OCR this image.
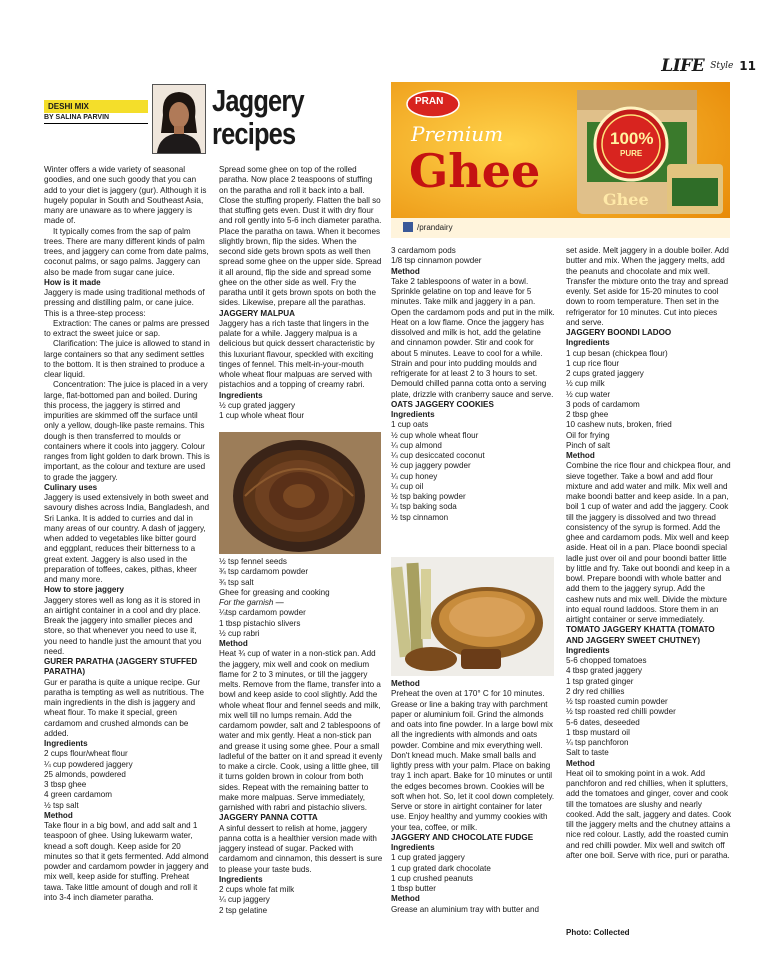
LIFE Style 11
DESHI MIX
BY SALINA PARVIN	Jaggery
recipes
PRAN
Premium
Ghee
100%
PURE
Ghee
/prandairy
Winter offers a wide variety of seasonal goodies, and one such goody that you can add to your diet is jaggery (gur). Although it is hugely popular in South and Southeast Asia, many are unaware as to where jaggery is made of.
It typically comes from the sap of palm trees. There are many different kinds of palm trees, and jaggery can come from date palms, coconut palms, or sago palms. Jaggery can also be made from sugar cane juice.
How is it made
Jaggery is made using traditional methods of pressing and distilling palm, or cane juice. This is a three-step process:
Extraction: The canes or palms are pressed to extract the sweet juice or sap.
Clarification: The juice is allowed to stand in large containers so that any sediment settles to the bottom. It is then strained to produce a clear liquid.
Concentration: The juice is placed in a very large, flat-bottomed pan and boiled. During this process, the jaggery is stirred and impurities are skimmed off the surface until only a yellow, dough-like paste remains. This dough is then transferred to moulds or containers where it cools into jaggery. Colour ranges from light golden to dark brown. This is important, as the colour and texture are used to grade the jaggery.
Culinary uses
Jaggery is used extensively in both sweet and savoury dishes across India, Bangladesh, and Sri Lanka. It is added to curries and dal in many areas of our country. A dash of jaggery, when added to vegetables like bitter gourd and eggplant, reduces their bitterness to a great extent. Jaggery is also used in the preparation of toffees, cakes, pithas, kheer and many more.
How to store jaggery
Jaggery stores well as long as it is stored in an airtight container in a cool and dry place. Break the jaggery into smaller pieces and store, so that whenever you need to use it, you need to handle just the amount that you need.
GURER PARATHA (JAGGERY STUFFED PARATHA)
Gur er paratha is quite a unique recipe. Gur paratha is tempting as well as nutritious. The main ingredients in the dish is jaggery and wheat flour. To make it special, green cardamom and crushed almonds can be added.
Ingredients
2 cups flour/wheat flour
¼ cup powdered jaggery
25 almonds, powdered
3 tbsp ghee
4 green cardamom
½ tsp salt
Method
Take flour in a big bowl, and add salt and 1 teaspoon of ghee. Using lukewarm water, knead a soft dough. Keep aside for 20 minutes so that it gets fermented. Add almond powder and cardamom powder in jaggery and mix well, keep aside for stuffing. Preheat tawa. Take little amount of dough and roll it into 3-4 inch diameter paratha.
Spread some ghee on top of the rolled paratha. Now place 2 teaspoons of stuffing on the paratha and roll it back into a ball. Close the stuffing properly. Flatten the ball so that stuffing gets even. Dust it with dry flour and roll gently into 5-6 inch diameter paratha. Place the paratha on tawa. When it becomes slightly brown, flip the sides. When the second side gets brown spots as well then spread some ghee on the upper side. Spread it all around, flip the side and spread some ghee on the other side as well. Fry the paratha until it gets brown spots on both the sides. Likewise, prepare all the parathas.
JAGGERY MALPUA
Jaggery has a rich taste that lingers in the palate for a while. Jaggery malpua is a delicious but quick dessert characteristic by this luxuriant flavour, speckled with exciting tinges of fennel. This melt-in-your-mouth whole wheat flour malpuas are served with pistachios and a topping of creamy rabri.
Ingredients
½ cup grated jaggery
1 cup whole wheat flour
½ tsp fennel seeds
¾ tsp cardamom powder
¾ tsp salt
Ghee for greasing and cooking
For the garnish —
¼tsp cardamom powder
1 tbsp pistachio slivers
½ cup rabri
Method
Heat ¾ cup of water in a non-stick pan. Add the jaggery, mix well and cook on medium flame for 2 to 3 minutes, or till the jaggery melts. Remove from the flame, transfer into a bowl and keep aside to cool slightly. Add the whole wheat flour and fennel seeds and milk, mix well till no lumps remain. Add the cardamom powder, salt and 2 tablespoons of water and mix gently. Heat a non-stick pan and grease it using some ghee. Pour a small ladleful of the batter on it and spread it evenly to make a circle. Cook, using a little ghee, till it turns golden brown in colour from both sides. Repeat with the remaining batter to make more malpuas. Serve immediately, garnished with rabri and pistachio slivers.
JAGGERY PANNA COTTA
A sinful dessert to relish at home, jaggery panna cotta is a healthier version made with jaggery instead of sugar. Packed with cardamom and cinnamon, this dessert is sure to please your taste buds.
Ingredients
2 cups whole fat milk
¼ cup jaggery
2 tsp gelatine
3 cardamom pods
1/8 tsp cinnamon powder
Method
Take 2 tablespoons of water in a bowl. Sprinkle gelatine on top and leave for 5 minutes. Take milk and jaggery in a pan. Open the cardamom pods and put in the milk. Heat on a low flame. Once the jaggery has dissolved and milk is hot, add the gelatine and cinnamon powder. Stir and cook for about 5 minutes. Leave to cool for a while. Strain and pour into pudding moulds and refrigerate for at least 2 to 3 hours to set. Demould chilled panna cotta onto a serving plate, drizzle with cranberry sauce and serve.
OATS JAGGERY COOKIES
Ingredients
1 cup oats
½ cup whole wheat flour
¼ cup almond
¼ cup desiccated coconut
½ cup jaggery powder
¼ cup honey
¼ cup oil
½ tsp baking powder
¼ tsp baking soda
½ tsp cinnamon
Method
Preheat the oven at 170° C for 10 minutes. Grease or line a baking tray with parchment paper or aluminium foil. Grind the almonds and oats into fine powder. In a large bowl mix all the ingredients with almonds and oats powder. Combine and mix everything well. Don't knead much. Make small balls and lightly press with your palm. Place on baking tray 1 inch apart. Bake for 10 minutes or until the edges becomes brown. Cookies will be soft when hot. So, let it cool down completely. Serve or store in airtight container for later use. Enjoy healthy and yummy cookies with your tea, coffee, or milk.
JAGGERY AND CHOCOLATE FUDGE
Ingredients
1 cup grated jaggery
1 cup grated dark chocolate
1 cup crushed peanuts
1 tbsp butter
Method
Grease an aluminium tray with butter and
set aside. Melt jaggery in a double boiler. Add butter and mix. When the jaggery melts, add the peanuts and chocolate and mix well. Transfer the mixture onto the tray and spread evenly. Set aside for 15-20 minutes to cool down to room temperature. Then set in the refrigerator for 10 minutes. Cut into pieces and serve.
JAGGERY BOONDI LADOO
Ingredients
1 cup besan (chickpea flour)
1 cup rice flour
2 cups grated jaggery
½ cup milk
½ cup water
3 pods of cardamom
2 tbsp ghee
10 cashew nuts, broken, fried
Oil for frying
Pinch of salt
Method
Combine the rice flour and chickpea flour, and sieve together. Take a bowl and add flour mixture and add water and milk. Mix well and make boondi batter and keep aside. In a pan, boil 1 cup of water and add the jaggery. Cook till the jaggery is dissolved and two thread consistency of the syrup is formed. Add the ghee and cardamom pods. Mix well and keep aside. Heat oil in a pan. Place boondi special ladle just over oil and pour boondi batter little by little and fry. Take out boondi and keep in a bowl. Prepare boondi with whole batter and add them to the jaggery syrup. Add the cashew nuts and mix well. Divide the mixture into equal round laddoos. Store them in an airtight container or serve immediately.
TOMATO JAGGERY KHATTA (TOMATO AND JAGGERY SWEET CHUTNEY)
Ingredients
5-6 chopped tomatoes
4 tbsp grated jaggery
1 tsp grated ginger
2 dry red chillies
½ tsp roasted cumin powder
½ tsp roasted red chilli powder
5-6 dates, deseeded
1 tbsp mustard oil
¼ tsp panchforon
Salt to taste
Method
Heat oil to smoking point in a wok. Add panchforon and red chillies, when it splutters, add the tomatoes and ginger, cover and cook till the tomatoes are slushy and nearly cooked. Add the salt, jaggery and dates. Cook till the jaggery melts and the chutney attains a nice red colour. Lastly, add the roasted cumin and red chilli powder. Mix well and switch off after one boil. Serve with rice, puri or paratha.
Photo: Collected
